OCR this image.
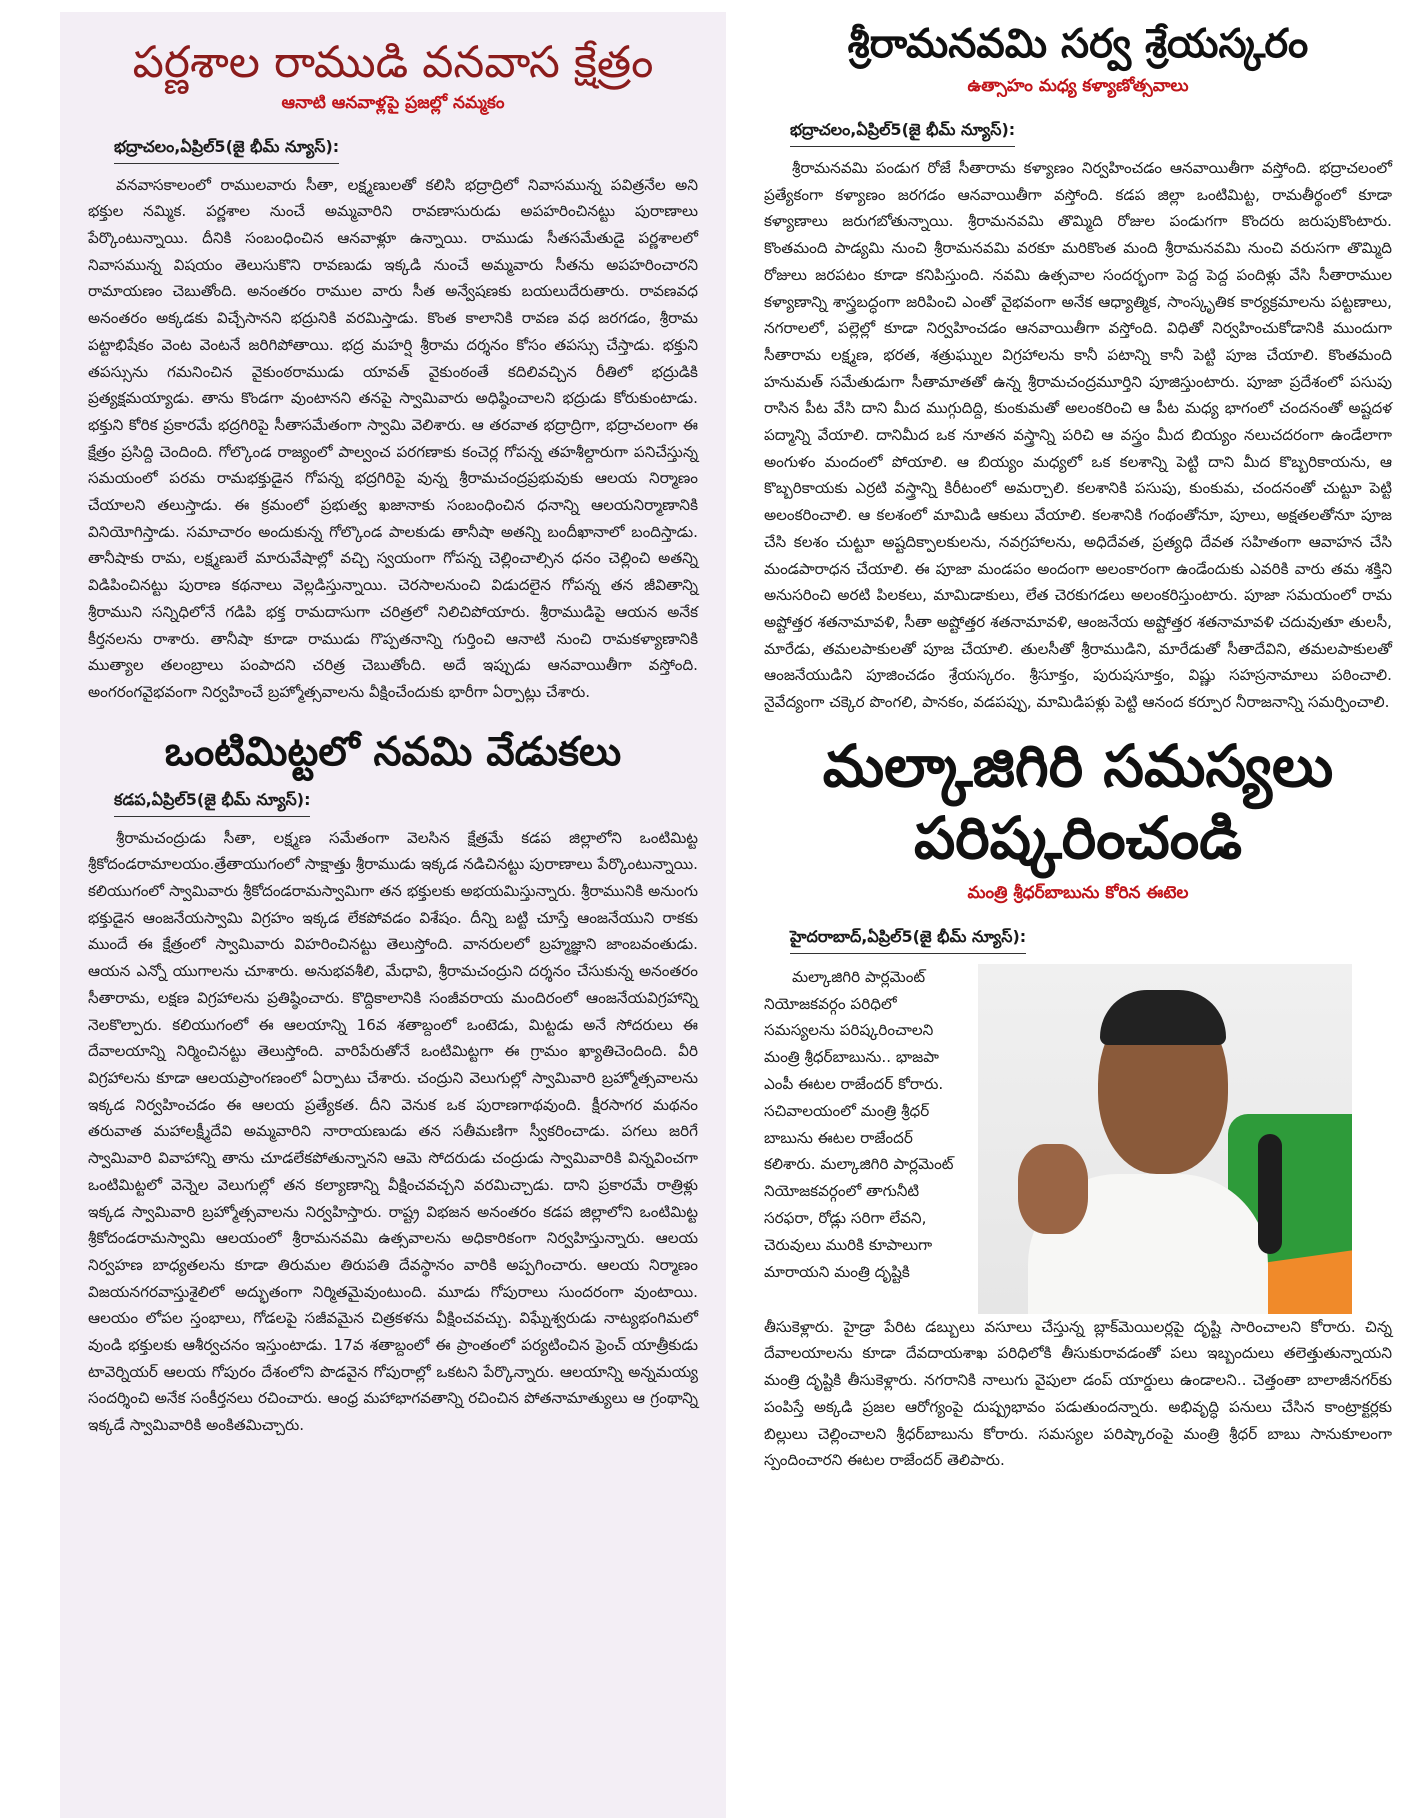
పర్ణశాల రాముడి వనవాస క్షేత్రం
ఆనాటి ఆనవాళ్లపై ప్రజల్లో నమ్మకం
భద్రాచలం,ఏప్రిల్5(జై భీమ్ న్యూస్):

వనవాసకాలంలో రాములవారు సీతా, లక్ష్మణులతో కలిసి భద్రాద్రిలో నివాసమున్న పవిత్రనేల అని భక్తుల నమ్మిక. పర్ణశాల నుంచే అమ్మవారిని రావణాసురుడు అపహరించినట్టు పురాణాలు పేర్కొంటున్నాయి. దీనికి సంబంధించిన ఆనవాళ్లూ ఉన్నాయి. రాముడు సీతసమేతుడై పర్ణశాలలో నివాసమున్న విషయం తెలుసుకొని రావణుడు ఇక్కడి నుంచే అమ్మవారు సీతను అపహరించారని రామాయణం చెబుతోంది. అనంతరం రాముల వారు సీత అన్వేషణకు బయలుదేరుతారు. రావణవధ అనంతరం అక్కడకు విచ్చేసానని భద్రునికి వరమిస్తాడు. కొంత కాలానికి రావణ వధ జరగడం, శ్రీరామ పట్టాభిషేకం వెంట వెంటనే జరిగిపోతాయి. భద్ర మహర్షి శ్రీరామ దర్శనం కోసం తపస్సు చేస్తాడు. భక్తుని తపస్సును గమనించిన వైకుంఠరాముడు యావత్ వైకుంఠంతే కదిలివచ్చిన రీతిలో భద్రుడికి ప్రత్యక్షమయ్యాడు. తాను కొండగా వుంటానని తనపై స్వామివారు అధిష్ఠించాలని భద్రుడు కోరుకుంటాడు. భక్తుని కోరిక ప్రకారమే భద్రగిరిపై సీతాసమేతంగా స్వామి వెలిశారు. ఆ తరవాత భద్రాద్రిగా, భద్రాచలంగా ఈ క్షేత్రం ప్రసిద్ది చెందింది. గోల్కొండ రాజ్యంలో పాల్వంచ పరగణాకు కంచెర్ల గోపన్న తహశీల్దారుగా పనిచేస్తున్న సమయంలో పరమ రామభక్తుడైన గోపన్న భద్రగిరిపై వున్న శ్రీరామచంద్రప్రభువుకు ఆలయ నిర్మాణం చేయాలని తలుస్తాడు. ఈ క్రమంలో ప్రభుత్వ ఖజానాకు సంబంధించిన ధనాన్ని ఆలయనిర్మాణానికి వినియోగిస్తాడు. సమాచారం అందుకున్న గోల్కొండ పాలకుడు తానీషా అతన్ని బందీఖానాలో బందిస్తాడు. తానీషాకు రామ, లక్ష్మణులే మారువేషాల్లో వచ్చి స్వయంగా గోపన్న చెల్లించాల్సిన ధనం చెల్లించి అతన్ని విడిపించినట్టు పురాణ కథనాలు వెల్లడిస్తున్నాయి. చెరసాలనుంచి విడుదలైన గోపన్న తన జీవితాన్ని శ్రీరాముని సన్నిధిలోనే గడిపి భక్త రామదాసుగా చరిత్రలో నిలిచిపోయారు. శ్రీరాముడిపై ఆయన అనేక కీర్తనలను రాశారు. తానీషా కూడా రాముడు గొప్పతనాన్ని గుర్తించి ఆనాటి నుంచి రామకళ్యాణానికి ముత్యాల తలంబ్రాలు పంపాదని చరిత్ర చెబుతోంది. అదే ఇప్పుడు ఆనవాయితీగా వస్తోంది. అంగరంగవైభవంగా నిర్వహించే బ్రహ్మోత్సవాలను వీక్షించేందుకు భారీగా ఏర్పాట్లు చేశారు.

ఒంటిమిట్టలో నవమి వేడుకలు
కడప,ఏప్రిల్5(జై భీమ్ న్యూస్):

శ్రీరామచంద్రుడు సీతా, లక్ష్మణ సమేతంగా వెలసిన క్షేత్రమే కడప జిల్లాలోని ఒంటిమిట్ట శ్రీకోదండరామాలయం.త్రేతాయుగంలో సాక్షాత్తు శ్రీరాముడు ఇక్కడ నడిచినట్టు పురాణాలు పేర్కొంటున్నాయి. కలియుగంలో స్వామివారు శ్రీకోదండరామస్వామిగా తన భక్తులకు అభయమిస్తున్నారు. శ్రీరామునికి అనుంగు భక్తుడైన ఆంజనేయస్వామి విగ్రహం ఇక్కడ లేకపోవడం విశేషం. దీన్ని బట్టి చూస్తే ఆంజనేయుని రాకకు ముందే ఈ క్షేత్రంలో స్వామివారు విహరించినట్టు తెలుస్తోంది. వానరులలో బ్రహ్మజ్ఞాని జాంబవంతుడు. ఆయన ఎన్నో యుగాలను చూశారు. అనుభవశీలి, మేధావి, శ్రీరామచంద్రుని దర్శనం చేసుకున్న అనంతరం సీతారామ, లక్షణ విగ్రహాలను ప్రతిష్ఠించారు. కొద్దికాలానికి సంజీవరాయ మందిరంలో ఆంజనేయవిగ్రహాన్ని నెలకొల్పారు. కలియుగంలో ఈ ఆలయాన్ని 16వ శతాబ్దంలో ఒంటెడు, మిట్టడు అనే సోదరులు ఈ దేవాలయాన్ని నిర్మించినట్టు తెలుస్తోంది. వారిపేరుతోనే ఒంటిమిట్టగా ఈ గ్రామం ఖ్యాతిచెందింది. వీరి విగ్రహాలను కూడా ఆలయప్రాంగణంలో ఏర్పాటు చేశారు. చంద్రుని వెలుగుల్లో స్వామివారి బ్రహ్మోత్సవాలను ఇక్కడ నిర్వహించడం ఈ ఆలయ ప్రత్యేకత. దీని వెనుక ఒక పురాణగాథవుంది. క్షీరసాగర మథనం తరువాత మహాలక్ష్మీదేవి అమ్మవారిని నారాయణుడు తన సతీమణిగా స్వీకరించాడు. పగలు జరిగే స్వామివారి వివాహాన్ని తాను చూడలేకపోతున్నానని ఆమె సోదరుడు చంద్రుడు స్వామివారికి విన్నవించగా ఒంటిమిట్టలో వెన్నెల వెలుగుల్లో తన కల్యాణాన్ని వీక్షించవచ్చని వరమిచ్చాడు. దాని ప్రకారమే రాత్రిళ్లు ఇక్కడ స్వామివారి బ్రహ్మోత్సవాలను నిర్వహిస్తారు. రాష్ట్ర విభజన అనంతరం కడప జిల్లాలోని ఒంటిమిట్ట శ్రీకోదండరామస్వామి ఆలయంలో శ్రీరామనవమి ఉత్సవాలను అధికారికంగా నిర్వహిస్తున్నారు. ఆలయ నిర్వహణ బాధ్యతలను కూడా తిరుమల తిరుపతి దేవస్థానం వారికి అప్పగించారు. ఆలయ నిర్మాణం విజయనగరవాస్తుశైలిలో అద్భుతంగా నిర్మితమైవుంటుంది. మూడు గోపురాలు సుందరంగా వుంటాయి. ఆలయం లోపల స్తంభాలు, గోడలపై సజీవమైన చిత్రకళను వీక్షించవచ్చు. విఘ్నేశ్వరుడు నాట్యభంగిమలో వుండి భక్తులకు ఆశీర్వచనం ఇస్తుంటాడు. 17వ శతాబ్దంలో ఈ ప్రాంతంలో పర్యటించిన ఫ్రెంచ్ యాత్రీకుడు టావెర్నియర్ ఆలయ గోపురం దేశంలోని పొడవైన గోపురాల్లో ఒకటని పేర్కొన్నారు. ఆలయాన్ని అన్నమయ్య సందర్శించి అనేక సంకీర్తనలు రచించారు. ఆంధ్ర మహాభాగవతాన్ని రచించిన పోతనామాత్యులు ఆ గ్రంథాన్ని ఇక్కడే స్వామివారికి అంకితమిచ్చారు.

శ్రీరామనవమి సర్వ శ్రేయస్కరం
ఉత్సాహం మధ్య కళ్యాణోత్సవాలు
భద్రాచలం,ఏప్రిల్5(జై భీమ్ న్యూస్):

శ్రీరామనవమి పండుగ రోజే సీతారామ కళ్యాణం నిర్వహించడం ఆనవాయితీగా వస్తోంది. భద్రాచలంలో ప్రత్యేకంగా కళ్యాణం జరగడం ఆనవాయితీగా వస్తోంది. కడప జిల్లా ఒంటిమిట్ట, రామతీర్థంలో కూడా కళ్యాణాలు జరుగబోతున్నాయి. శ్రీరామనవమి తొమ్మిది రోజుల పండుగగా కొందరు జరుపుకొంటారు. కొంతమంది పాడ్యమి నుంచి శ్రీరామనవమి వరకూ మరికొంత మంది శ్రీరామనవమి నుంచి వరుసగా తొమ్మిది రోజులు జరపటం కూడా కనిపిస్తుంది. నవమి ఉత్సవాల సందర్భంగా పెద్ద పెద్ద పందిళ్లు వేసి సీతారాముల కళ్యాణాన్ని శాస్త్రబద్ధంగా జరిపించి ఎంతో వైభవంగా అనేక ఆధ్యాత్మిక, సాంస్కృతిక కార్యక్రమాలను పట్టణాలు, నగరాలలో, పల్లెల్లో కూడా నిర్వహించడం ఆనవాయితీగా వస్తోంది. విధితో నిర్వహించుకోడానికి ముందుగా సీతారామ లక్ష్మణ, భరత, శత్రుఘ్నుల విగ్రహాలను కానీ పటాన్ని కానీ పెట్టి పూజ చేయాలి. కొంతమంది హనుమత్ సమేతుడుగా సీతామాతతో ఉన్న శ్రీరామచంద్రమూర్తిని పూజిస్తుంటారు. పూజా ప్రదేశంలో పసుపు రాసిన పీట వేసి దాని మీద ముగ్గుదిద్ది, కుంకుమతో అలంకరించి ఆ పీట మధ్య భాగంలో చందనంతో అష్టదళ పద్మాన్ని వేయాలి. దానిమీద ఒక నూతన వస్త్రాన్ని పరిచి ఆ వస్త్రం మీద బియ్యం నలుచదరంగా ఉండేలాగా అంగుళం మందంలో పోయాలి. ఆ బియ్యం మధ్యలో ఒక కలశాన్ని పెట్టి దాని మీద కొబ్బరికాయను, ఆ కొబ్బరికాయకు ఎర్రటి వస్త్రాన్ని కిరీటంలో అమర్చాలి. కలశానికి పసుపు, కుంకుమ, చందనంతో చుట్టూ పెట్టి అలంకరించాలి. ఆ కలశంలో మామిడి ఆకులు వేయాలి. కలశానికి గంథంతోనూ, పూలు, అక్షతలతోనూ పూజ చేసి కలశం చుట్టూ అష్టదిక్పాలకులను, నవగ్రహాలను, అధిదేవత, ప్రత్యధి దేవత సహితంగా ఆవాహన చేసి మండపారాధన చేయాలి. ఈ పూజా మండపం అందంగా అలంకారంగా ఉండేందుకు ఎవరికి వారు తమ శక్తిని అనుసరించి అరటి పిలకలు, మామిడాకులు, లేత చెరకుగడలు అలంకరిస్తుంటారు. పూజా సమయంలో రామ అష్టోత్తర శతనామావళి, సీతా అష్టోత్తర శతనామావళి, ఆంజనేయ అష్టోత్తర శతనామావళి చదువుతూ తులసీ, మారేడు, తమలపాకులతో పూజ చేయాలి. తులసీతో శ్రీరాముడిని, మారేడుతో సీతాదేవిని, తమలపాకులతో ఆంజనేయుడిని పూజించడం శ్రేయస్కరం. శ్రీసూక్తం, పురుషసూక్తం, విష్ణు సహస్రనామాలు పఠించాలి. నైవేద్యంగా చక్కెర పొంగలి, పానకం, వడపప్పు, మామిడిపళ్లు పెట్టి ఆనంద కర్పూర నీరాజనాన్ని సమర్పించాలి.

మల్కాజిగిరి సమస్యలు పరిష్కరించండి
మంత్రి శ్రీధర్‌బాబును కోరిన ఈటెల
హైదరాబాద్,ఏప్రిల్5(జై భీమ్ న్యూస్):

మల్కాజిగిరి పార్లమెంట్ నియోజకవర్గం పరిధిలో సమస్యలను పరిష్కరించాలని మంత్రి శ్రీధర్‌బాబును.. భాజపా ఎంపీ ఈటల రాజేందర్ కోరారు. సచివాలయంలో మంత్రి శ్రీధర్ బాబును ఈటల రాజేందర్ కలిశారు. మల్కాజిగిరి పార్లమెంట్ నియోజకవర్గంలో తాగునీటి సరఫరా, రోడ్లు సరిగా లేవని, చెరువులు మురికి కూపాలుగా మారాయని మంత్రి దృష్టికి

తీసుకెళ్లారు. హైడ్రా పేరిట డబ్బులు వసూలు చేస్తున్న బ్లాక్‌మెయిలర్లపై దృష్టి సారించాలని కోరారు. చిన్న దేవాలయాలను కూడా దేవదాయశాఖ పరిధిలోకి తీసుకురావడంతో పలు ఇబ్బందులు తలెత్తుతున్నాయని మంత్రి దృష్టికి తీసుకెళ్లారు. నగరానికి నాలుగు వైపులా డంప్ యార్డులు ఉండాలని.. చెత్తంతా బాలాజీనగర్‌కు పంపిస్తే అక్కడి ప్రజల ఆరోగ్యంపై దుష్ప్రభావం పడుతుందన్నారు. అభివృద్ధి పనులు చేసిన కాంట్రాక్టర్లకు బిల్లులు చెల్లించాలని శ్రీధర్‌బాబును కోరారు. సమస్యల పరిష్కారంపై మంత్రి శ్రీధర్ బాబు సానుకూలంగా స్పందించారని ఈటల రాజేందర్ తెలిపారు.
